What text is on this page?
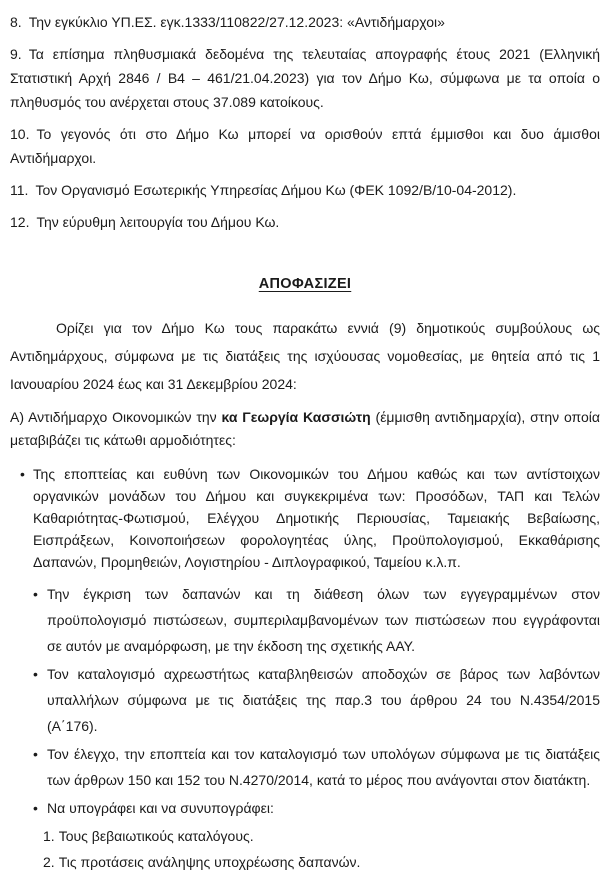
8. Την εγκύκλιο ΥΠ.ΕΣ. εγκ.1333/110822/27.12.2023: «Αντιδήμαρχοι»

9. Τα επίσημα πληθυσμιακά δεδομένα της τελευταίας απογραφής έτους 2021 (Ελληνική Στατιστική Αρχή 2846 / Β4 – 461/21.04.2023) για τον Δήμο Κω, σύμφωνα με τα οποία ο πληθυσμός του ανέρχεται στους 37.089 κατοίκους.

10. Το γεγονός ότι στο Δήμο Κω μπορεί να ορισθούν επτά έμμισθοι και δυο άμισθοι Αντιδήμαρχοι.

11. Τον Οργανισμό Εσωτερικής Υπηρεσίας Δήμου Κω (ΦΕΚ 1092/Β/10-04-2012).

12. Την εύρυθμη λειτουργία του Δήμου Κω.

ΑΠΟΦΑΣΙΖΕΙ

Ορίζει για τον Δήμο Κω τους παρακάτω εννιά (9) δημοτικούς συμβούλους ως Αντιδημάρχους, σύμφωνα με τις διατάξεις της ισχύουσας νομοθεσίας, με θητεία από τις 1 Ιανουαρίου 2024 έως και 31 Δεκεμβρίου 2024:

Α) Αντιδήμαρχο Οικονομικών την κα Γεωργία Κασσιώτη (έμμισθη αντιδημαρχία), στην οποία μεταβιβάζει τις κάτωθι αρμοδιότητες:

• Της εποπτείας και ευθύνη των Οικονομικών του Δήμου καθώς και των αντίστοιχων οργανικών μονάδων του Δήμου και συγκεκριμένα των: Προσόδων, ΤΑΠ και Τελών Καθαριότητας-Φωτισμού, Ελέγχου Δημοτικής Περιουσίας, Ταμειακής Βεβαίωσης, Εισπράξεων, Κοινοποιήσεων φορολογητέας ύλης, Προϋπολογισμού, Εκκαθάρισης Δαπανών, Προμηθειών, Λογιστηρίου - Διπλογραφικού, Ταμείου κ.λ.π.
• Την έγκριση των δαπανών και τη διάθεση όλων των εγγεγραμμένων στον προϋπολογισμό πιστώσεων, συμπεριλαμβανομένων των πιστώσεων που εγγράφονται σε αυτόν με αναμόρφωση, με την έκδοση της σχετικής ΑΑΥ.
• Τον καταλογισμό αχρεωστήτως καταβληθεισών αποδοχών σε βάρος των λαβόντων υπαλλήλων σύμφωνα με τις διατάξεις της παρ.3 του άρθρου 24 του Ν.4354/2015 (Α΄176).
• Τον έλεγχο, την εποπτεία και τον καταλογισμό των υπολόγων σύμφωνα με τις διατάξεις των άρθρων 150 και 152 του Ν.4270/2014, κατά το μέρος που ανάγονται στον διατάκτη.
• Να υπογράφει και να συνυπογράφει:

1. Τους βεβαιωτικούς καταλόγους.

2. Τις προτάσεις ανάληψης υποχρέωσης δαπανών.
